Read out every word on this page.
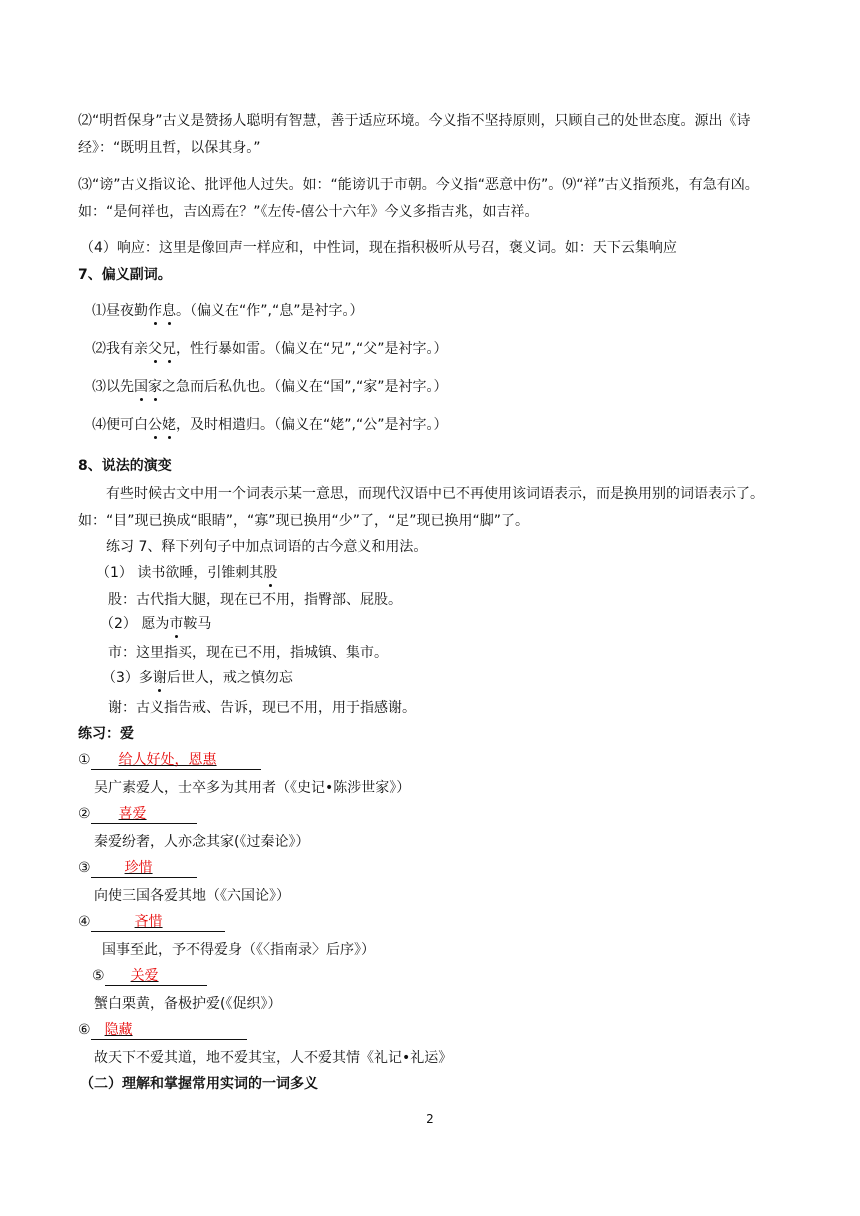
⑵“明哲保身”古义是赞扬人聪明有智慧，善于适应环境。今义指不坚持原则，只顾自己的处世态度。源出《诗经》：“既明且哲，以保其身。”
⑶“谤”古义指议论、批评他人过失。如：“能谤讥于市朝。今义指“恶意中伤”。⑼“祥”古义指预兆，有急有凶。如：“是何祥也，吉凶焉在？”《左传-僖公十六年》今义多指吉兆，如吉祥。
（4）响应：这里是像回声一样应和，中性词，现在指积极听从号召，褒义词。如：天下云集响应
7、偏义副词。
⑴昼夜勤作息。（偏义在“作”,“息”是衬字。）
⑵我有亲父兄，性行暴如雷。（偏义在“兄”,“父”是衬字。）
⑶以先国家之急而后私仇也。（偏义在“国”,“家”是衬字。）
⑷便可白公姥，及时相遣归。（偏义在“姥”,“公”是衬字。）
8、说法的演变
有些时候古文中用一个词表示某一意思，而现代汉语中已不再使用该词语表示，而是换用别的词语表示了。如：“目”现已换成“眼睛”，“寡”现已换用“少”了，“足”现已换用“脚”了。
练习 7、释下列句子中加点词语的古今意义和用法。
（1） 读书欲睡，引锥刺其股
股：古代指大腿，现在已不用，指臀部、屁股。
（2） 愿为市鞍马
市：这里指买，现在已不用，指城镇、集市。
（3）多谢后世人，戒之慎勿忘
谢：古义指告戒、告诉，现已不用，用于指感谢。
练习：爱
① 给人好处，恩惠
吴广素爱人，士卒多为其用者（《史记•陈涉世家》）
② 喜爱
秦爱纷奢，人亦念其家(《过秦论》）
③ 珍惜
向使三国各爱其地（《六国论》）
④	吝惜
国事至此，予不得爱身（《〈指南录〉后序》）
⑤ 关爱
蟹白栗黄，备极护爱(《促织》）
⑥ 隐藏
故天下不爱其道，地不爱其宝，人不爱其情《礼记•礼运》
（二）理解和掌握常用实词的一词多义
2
